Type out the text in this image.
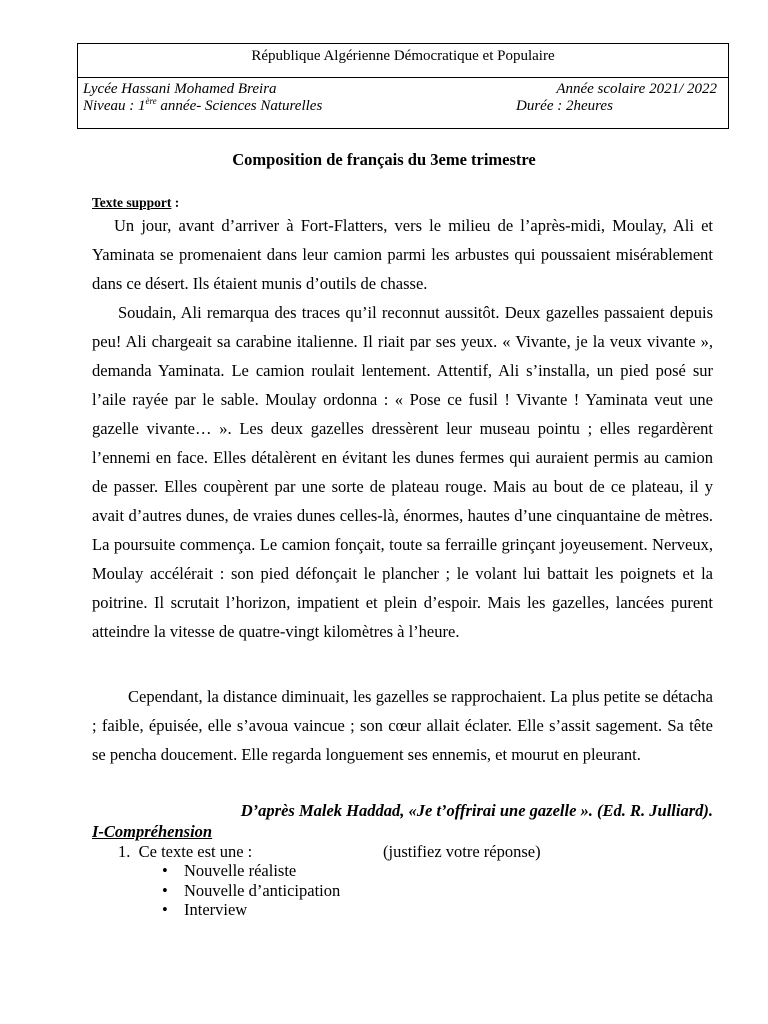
République Algérienne Démocratique et Populaire
Lycée Hassani Mohamed Breira	Année scolaire 2021/ 2022
Niveau : 1ère année- Sciences Naturelles	Durée : 2heures
Composition de français du 3eme trimestre
Texte support :
Un jour, avant d’arriver à Fort-Flatters, vers le milieu de l’après-midi, Moulay, Ali et Yaminata se promenaient dans leur camion parmi les arbustes qui poussaient misérablement dans ce désert. Ils étaient munis d’outils de chasse.
Soudain, Ali remarqua des traces qu’il reconnut aussitôt. Deux gazelles passaient depuis peu! Ali chargeait sa carabine italienne. Il riait par ses yeux. « Vivante, je la veux vivante », demanda Yaminata. Le camion roulait lentement. Attentif, Ali s’installa, un pied posé sur l’aile rayée par le sable. Moulay ordonna : « Pose ce fusil ! Vivante ! Yaminata veut une gazelle vivante… ». Les deux gazelles dressèrent leur museau pointu ; elles regardèrent l’ennemi en face. Elles détalèrent en évitant les dunes fermes qui auraient permis au camion de passer. Elles coupèrent par une sorte de plateau rouge. Mais au bout de ce plateau, il y avait d’autres dunes, de vraies dunes celles-là, énormes, hautes d’une cinquantaine de mètres. La poursuite commença. Le camion fonçait, toute sa ferraille grinçant joyeusement. Nerveux, Moulay accélérait : son pied défonçait le plancher ; le volant lui battait les poignets et la poitrine. Il scrutait l’horizon, impatient et plein d’espoir. Mais les gazelles, lancées purent atteindre la vitesse de quatre-vingt kilomètres à l’heure.
Cependant, la distance diminuait, les gazelles se rapprochaient. La plus petite se détacha ; faible, épuisée, elle s’avoua vaincue ; son cœur allait éclater. Elle s’assit sagement. Sa tête se pencha doucement. Elle regarda longuement ses ennemis, et mourut en pleurant.
D’après Malek Haddad, «Je t’offrirai une gazelle ». (Ed. R. Julliard).
I-Compréhension
1. Ce texte est une :	(justifiez votre réponse)
• Nouvelle réaliste
• Nouvelle d’anticipation
• Interview
